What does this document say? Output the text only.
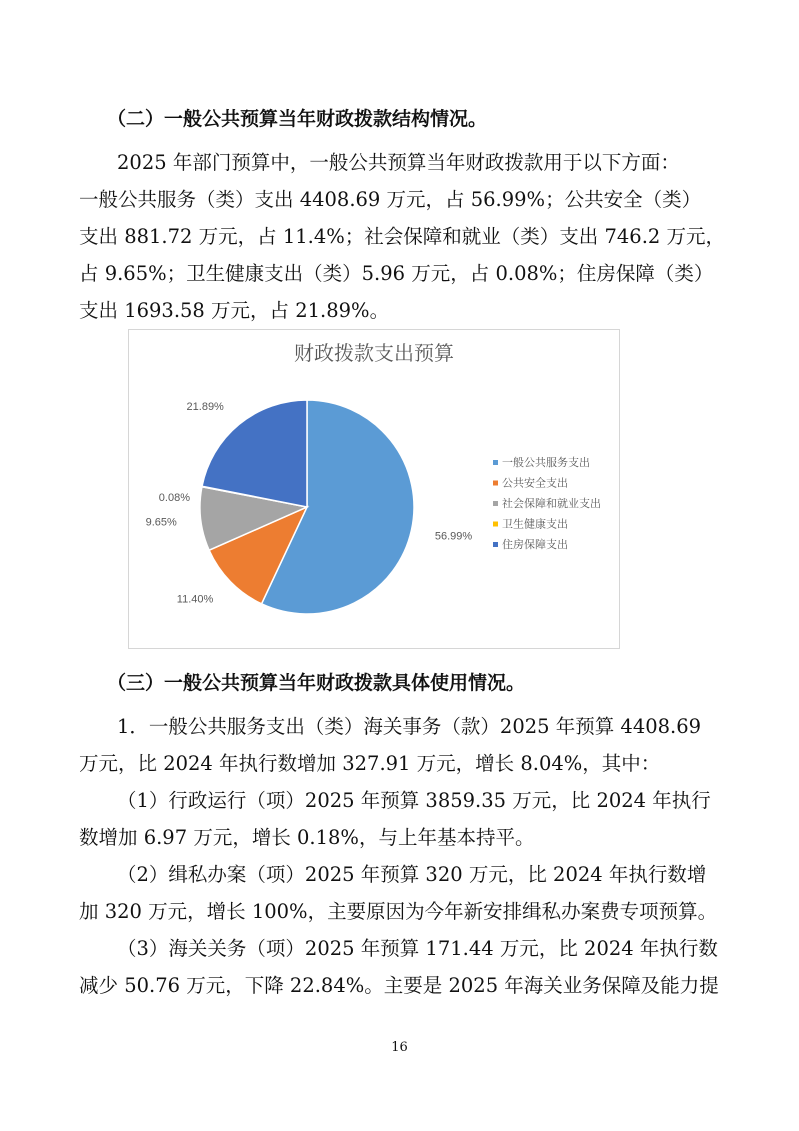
（二）一般公共预算当年财政拨款结构情况。
2025 年部门预算中，一般公共预算当年财政拨款用于以下方面：
一般公共服务（类）支出 4408.69 万元，占 56.99%；公共安全（类）
支出 881.72 万元，占 11.4%；社会保障和就业（类）支出 746.2 万元，
占 9.65%；卫生健康支出（类）5.96 万元，占 0.08%；住房保障（类）
支出 1693.58 万元，占 21.89%。
财政拨款支出预算
56.99%
11.40%
9.65%
0.08%
21.89%
一般公共服务支出
公共安全支出
社会保障和就业支出
卫生健康支出
住房保障支出
（三）一般公共预算当年财政拨款具体使用情况。
1．一般公共服务支出（类）海关事务（款）2025 年预算 4408.69
万元，比 2024 年执行数增加 327.91 万元，增长 8.04%，其中：
（1）行政运行（项）2025 年预算 3859.35 万元，比 2024 年执行
数增加 6.97 万元，增长 0.18%，与上年基本持平。
（2）缉私办案（项）2025 年预算 320 万元，比 2024 年执行数增
加 320 万元，增长 100%，主要原因为今年新安排缉私办案费专项预算。
（3）海关关务（项）2025 年预算 171.44 万元，比 2024 年执行数
减少 50.76 万元，下降 22.84%。主要是 2025 年海关业务保障及能力提
16
